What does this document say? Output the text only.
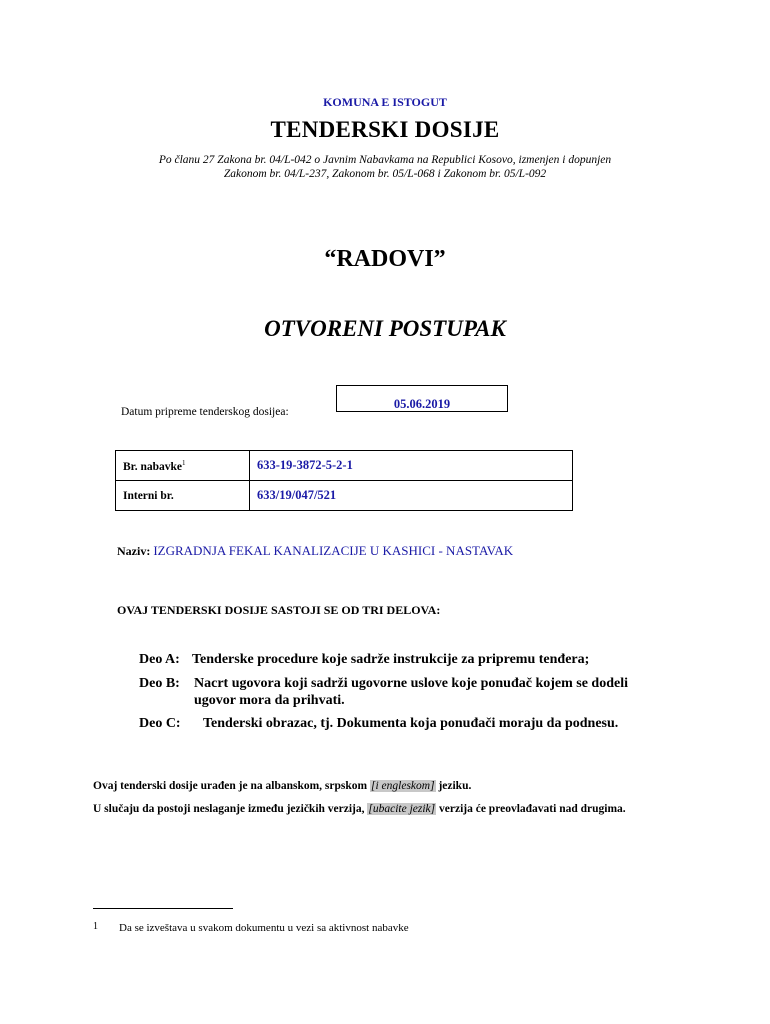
KOMUNA E ISTOGUT
TENDERSKI DOSIJE
Po članu 27 Zakona br. 04/L-042 o Javnim Nabavkama na Republici Kosovo, izmenjen i dopunjen
Zakonom br. 04/L-237, Zakonom br. 05/L-068 i Zakonom br. 05/L-092
“RADOVI”
OTVORENI POSTUPAK
Datum pripreme tenderskog dosijea:
05.06.2019
Br. nabavke$^1$	633-19-3872-5-2-1
Interni br.	633/19/047/521
Naziv: IZGRADNJA FEKAL KANALIZACIJE U KASHICI - NASTAVAK
OVAJ TENDERSKI DOSIJE SASTOJI SE OD TRI DELOVA:
Deo A: Tenderske procedure koje sadrže instrukcije za pripremu tenđera;
Deo B: Nacrt ugovora koji sadrži ugovorne uslove koje ponuđač kojem se dodeli ugovor mora da prihvati.
Deo C: Tenderski obrazac, tj. Dokumenta koja ponuđači moraju da podnesu.
Ovaj tenderski dosije urađen je na albanskom, srpskom [i engleskom] jeziku.
U slučaju da postoji neslaganje između jezičkih verzija, [ubacite jezik] verzija će preovlađavati nad drugima.
1 Da se izveštava u svakom dokumentu u vezi sa aktivnost nabavke
